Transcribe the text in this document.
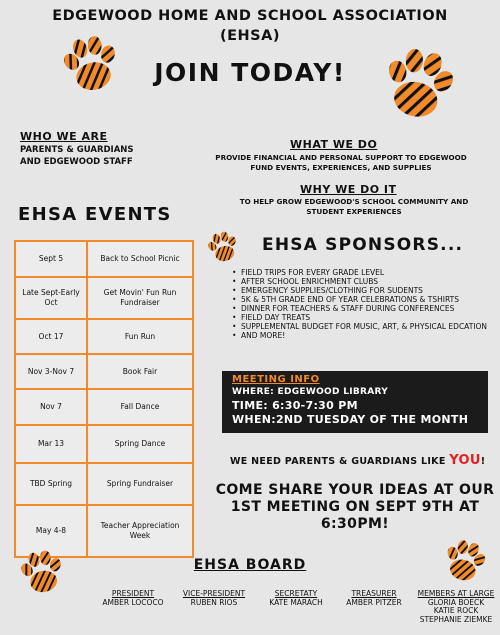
EDGEWOOD HOME AND SCHOOL ASSOCIATION
(EHSA)
JOIN TODAY!
WHO WE ARE
PARENTS & GUARDIANS
AND EDGEWOOD STAFF
WHAT WE DO
PROVIDE FINANCIAL AND PERSONAL SUPPORT TO EDGEWOOD
FUND EVENTS, EXPERIENCES, AND SUPPLIES
WHY WE DO IT
TO HELP GROW EDGEWOOD'S SCHOOL COMMUNITY AND
STUDENT EXPERIENCES
EHSA EVENTS
Sept 5	Back to School Picnic
Late Sept-Early Oct	Get Movin' Fun Run Fundraiser
Oct 17	Fun Run
Nov 3-Nov 7	Book Fair
Nov 7	Fall Dance
Mar 13	Spring Dance
TBD Spring	Spring Fundraiser
May 4-8	Teacher Appreciation Week
EHSA SPONSORS...
• FIELD TRIPS FOR EVERY GRADE LEVEL
• AFTER SCHOOL ENRICHMENT CLUBS
• EMERGENCY SUPPLIES/CLOTHING FOR SUDENTS
• 5K & 5TH GRADE END OF YEAR CELEBRATIONS & TSHIRTS
• DINNER FOR TEACHERS & STAFF DURING CONFERENCES
• FIELD DAY TREATS
• SUPPLEMENTAL BUDGET FOR MUSIC, ART, & PHYSICAL EDCATION
• AND MORE!
MEETING INFO
WHERE: EDGEWOOD LIBRARY
TIME: 6:30-7:30 PM
WHEN:2ND TUESDAY OF THE MONTH
WE NEED PARENTS & GUARDIANS LIKE YOU!
COME SHARE YOUR IDEAS AT OUR
1ST MEETING ON SEPT 9TH AT
6:30PM!
EHSA BOARD
PRESIDENT
AMBER LOCOCO
VICE-PRESIDENT
RUBEN RIOS
SECRETATY
KATE MARACH
TREASURER
AMBER PITZER
MEMBERS AT LARGE
GLORIA BOECK
KATIE ROCK
STEPHANIE ZIEMKE
